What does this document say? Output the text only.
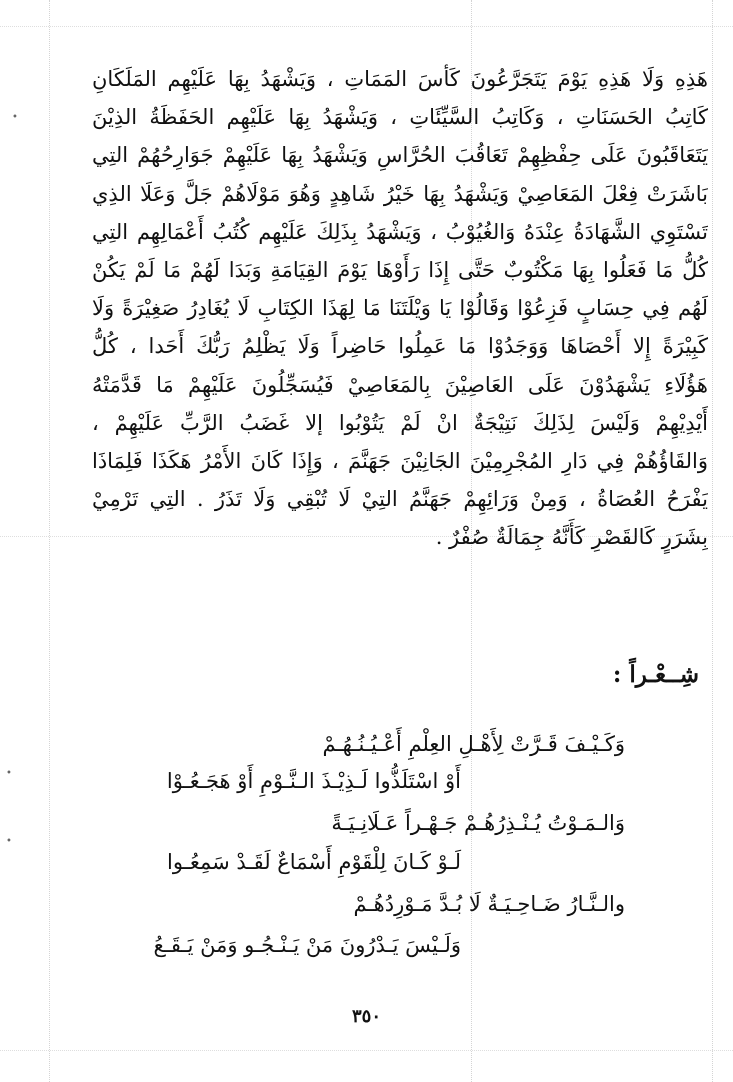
•
•
•
هَذِهِ وَلَا هَذِهِ يَوْمَ يَتَجَرَّعُونَ كَأسَ المَمَاتِ ، وَيَشْهَدُ بِهَا عَلَيْهِم المَلَكَانِ
كَاتِبُ الحَسَنَاتِ ، وَكَاتِبُ السَّيِّئَاتِ ، وَيَشْهَدُ بِهَا عَلَيْهِم الحَفَظَةُ الذِيْنَ
يَتَعَاقَبُونَ عَلَى حِفْظِهِمْ تَعَاقُبَ الحُرَّاسِ وَيَشْهَدُ بِهَا عَلَيْهِمْ جَوَارِحُهُمْ التِي
بَاشَرَتْ فِعْلَ المَعَاصِيْ وَيَشْهَدُ بِهَا خَيْرُ شَاهِدٍ وَهُوَ مَوْلَاهُمْ جَلَّ وَعَلَا الذِي
تَسْتَوِي الشَّهَادَةُ عِنْدَهُ وَالغُيُوْبُ ، وَيَشْهَدُ بِذَلِكَ عَلَيْهِم كُتُبُ أَعْمَالِهِم التِي
كُلُّ مَا فَعَلُوا بِهَا مَكْتُوبٌ حَتَّى إِذَا رَأَوْهَا يَوْمَ القِيَامَةِ وَبَدَا لَهُمْ مَا لَمْ يَكُنْ
لَهُم فِي حِسَابٍ فَزِعُوْا وَقَالُوْا يَا وَيْلَتَنَا مَا لِهَذَا الكِتَابِ لَا يُغَادِرُ صَغِيْرَةً وَلَا
كَبِيْرَةً إِلا أَحْصَاهَا وَوَجَدُوْا مَا عَمِلُوا حَاضِراً وَلَا يَظْلِمُ رَبُّكَ أَحَدا ، كُلُّ
هَؤُلَاءِ يَشْهَدُوْنَ عَلَى العَاصِيْنَ بِالمَعَاصِيْ فَيُسَجِّلُونَ عَلَيْهِمْ مَا قَدَّمَتْهُ
أَيْدِيْهِمْ وَلَيْسَ لِذَلِكَ نَتِيْجَةٌ انْ لَمْ يَتُوْبُوا إلا غَضَبُ الرَّبِّ عَلَيْهِمْ ،
وَالقَاؤُهُمْ فِي دَارِ المُجْرِمِيْنَ الجَانِيْنَ جَهَنَّمَ ، وَإِذَا كَانَ الأَمْرُ هَكَذَا فَلِمَاذَا
يَفْرَحُ العُصَاةُ ، وَمِنْ وَرَائِهِمْ جَهَنَّمُ التِيْ لَا تُبْقِي وَلَا تَذَرُ . التِي تَرْمِيْ
بِشَرَرٍ كَالقَصْرِ كَأَنَّهُ جِمَالَةٌ صُفْرٌ .
شِــعْـراً :
وَكَـيْـفَ قَـرَّتْ لِأَهْـلِ العِلْمِ أَعْـيُـنُـهُـمْ
أَوْ اسْتَلَذُّوا لَـذِيْـذَ الـنَّـوْمِ أَوْ هَجَـعُـوْا
وَالـمَـوْتُ يُـنْـذِرُهُـمْ جَـهْـراً عَـلَانِـيَـةً
لَـوْ كَـانَ لِلْقَوْمِ أَسْمَاعٌ لَقَـدْ سَمِعُـوا
والـنَّـارُ ضَـاحِـيَـةٌ لَا بُـدَّ مَـوْرِدُهُـمْ
وَلَـيْسَ يَـدْرُونَ مَنْ يَـنْـجُـو وَمَنْ يَـقَـعُ
٣٥٠
